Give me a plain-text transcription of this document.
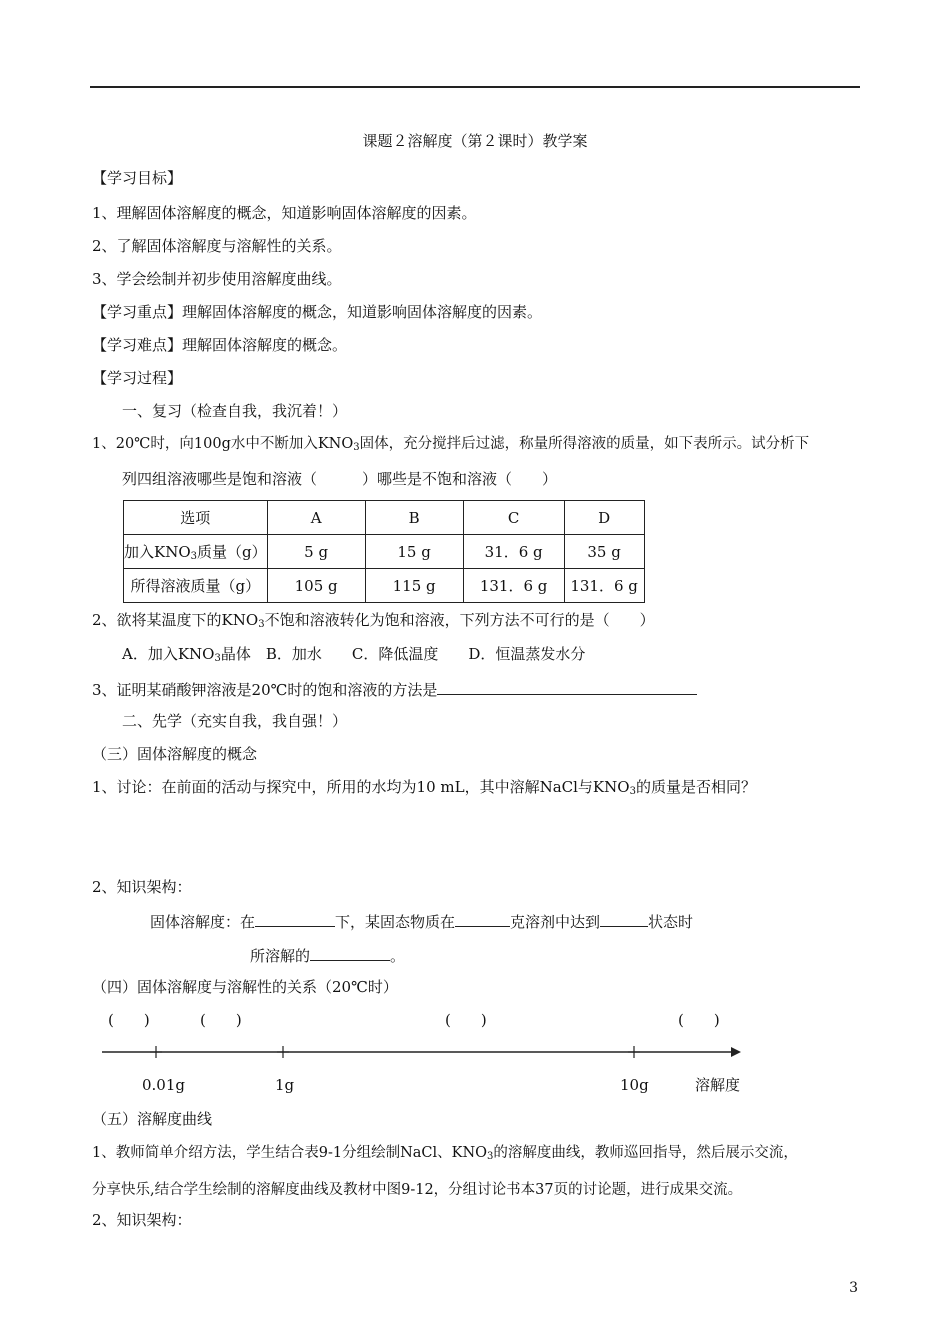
课题２溶解度（第２课时）教学案
【学习目标】
1、理解固体溶解度的概念，知道影响固体溶解度的因素。
2、了解固体溶解度与溶解性的关系。
3、学会绘制并初步使用溶解度曲线。
【学习重点】理解固体溶解度的概念，知道影响固体溶解度的因素。
【学习难点】理解固体溶解度的概念。
【学习过程】
一、复习（检查自我，我沉着！）
1、20℃时，向100g水中不断加入$KNO_3$固体，充分搅拌后过滤，称量所得溶液的质量，如下表所示。试分析下
列四组溶液哪些是饱和溶液（　　　）哪些是不饱和溶液（　　）
选项	A	B	C	D
加入$KNO_3$质量（g）	5 g	15 g	31．6 g	35 g
所得溶液质量（g）	105 g	115 g	131．6 g	131．6 g
2、欲将某温度下的$KNO_3$不饱和溶液转化为饱和溶液，下列方法不可行的是（　　）
A．加入$KNO_3$晶体　B．加水　　C．降低温度　　D．恒温蒸发水分
3、证明某硝酸钾溶液是20℃时的饱和溶液的方法是
二、先学（充实自我，我自强！）
（三）固体溶解度的概念
1、讨论：在前面的活动与探究中，所用的水均为10 mL，其中溶解NaCl与$KNO_3$的质量是否相同？
2、知识架构：
固体溶解度：在	下，某固态物质在	克溶剂中达到	状态时
所溶解的	。
（四）固体溶解度与溶解性的关系（20℃时）
(　　)	(　　)	(　　)	(　　)
0.01g	1g	10g	溶解度
（五）溶解度曲线
1、教师简单介绍方法，学生结合表9-1分组绘制NaCl、$KNO_3$的溶解度曲线，教师巡回指导，然后展示交流，
分享快乐,结合学生绘制的溶解度曲线及教材中图9-12，分组讨论书本37页的讨论题，进行成果交流。
2、知识架构：
3
